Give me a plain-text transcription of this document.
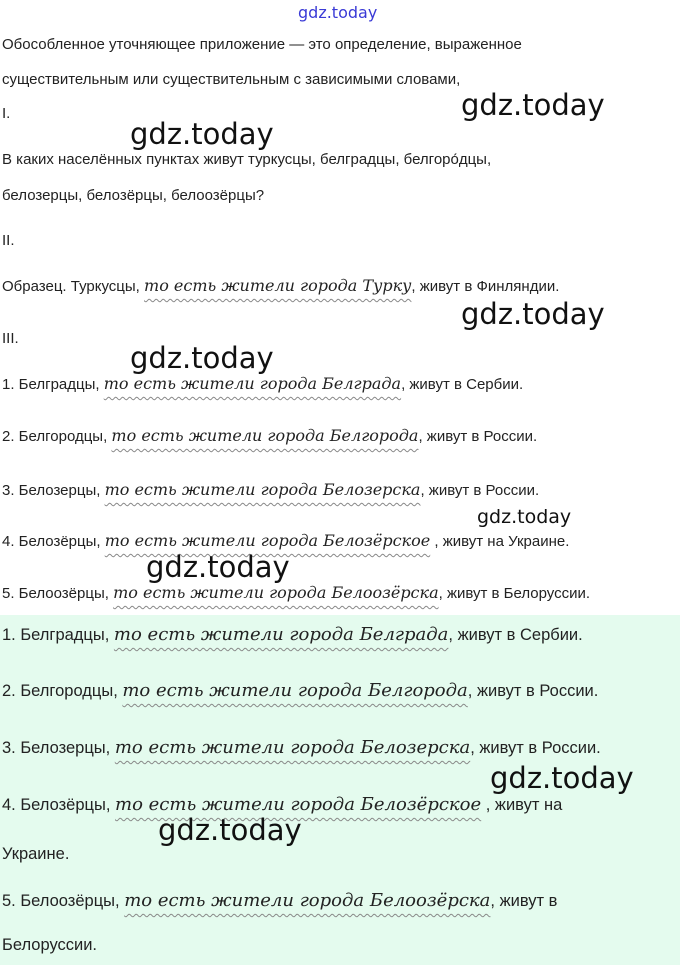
gdz.today
Обособленное уточняющее приложение — это определение, выраженное
существительным или существительным с зависимыми словами,
I.
В каких населённых пунктах живут туркусцы, белградцы, белгоро́дцы,
белозерцы, белозёрцы, белоозёрцы?
II.
Образец. Туркусцы, то есть жители города Турку, живут в Финляндии.
III.
1. Белградцы, то есть жители города Белграда, живут в Сербии.
2. Белгородцы, то есть жители города Белгорода, живут в России.
3. Белозерцы, то есть жители города Белозерска, живут в России.
4. Белозёрцы, то есть жители города Белозёрское , живут на Украине.
5. Белоозёрцы, то есть жители города Белоозёрска, живут в Белоруссии.
1. Белградцы, то есть жители города Белграда, живут в Сербии.
2. Белгородцы, то есть жители города Белгорода, живут в России.
3. Белозерцы, то есть жители города Белозерска, живут в России.
4. Белозёрцы, то есть жители города Белозёрское , живут на
Украине.
5. Белоозёрцы, то есть жители города Белоозёрска, живут в
Белоруссии.
gdz.today
gdz.today
gdz.today
gdz.today
gdz.today
gdz.today
gdz.today
gdz.today
